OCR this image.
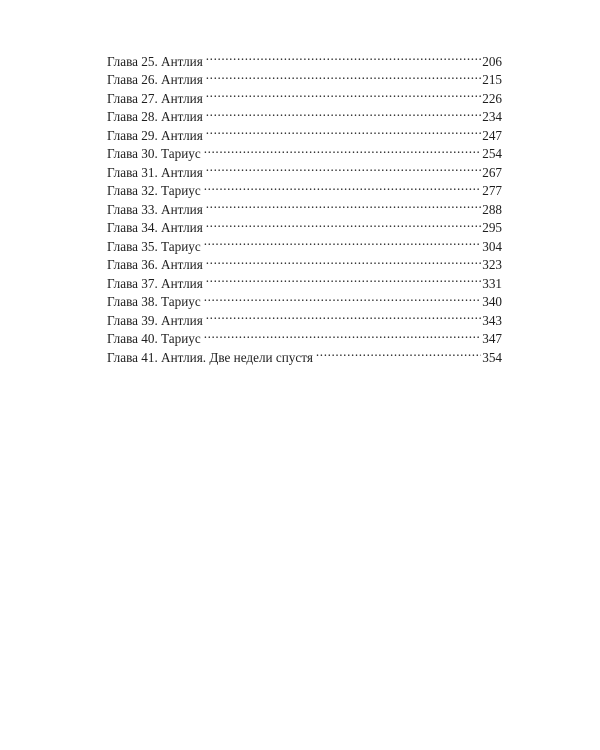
Глава 25. Антлия .....	206
Глава 26. Антлия .....	215
Глава 27. Антлия .....	226
Глава 28. Антлия .....	234
Глава 29. Антлия .....	247
Глава 30. Тариус .....	254
Глава 31. Антлия .....	267
Глава 32. Тариус .....	277
Глава 33. Антлия .....	288
Глава 34. Антлия .....	295
Глава 35. Тариус .....	304
Глава 36. Антлия .....	323
Глава 37. Антлия .....	331
Глава 38. Тариус .....	340
Глава 39. Антлия .....	343
Глава 40. Тариус .....	347
Глава 41. Антлия. Две недели спустя .....	354
